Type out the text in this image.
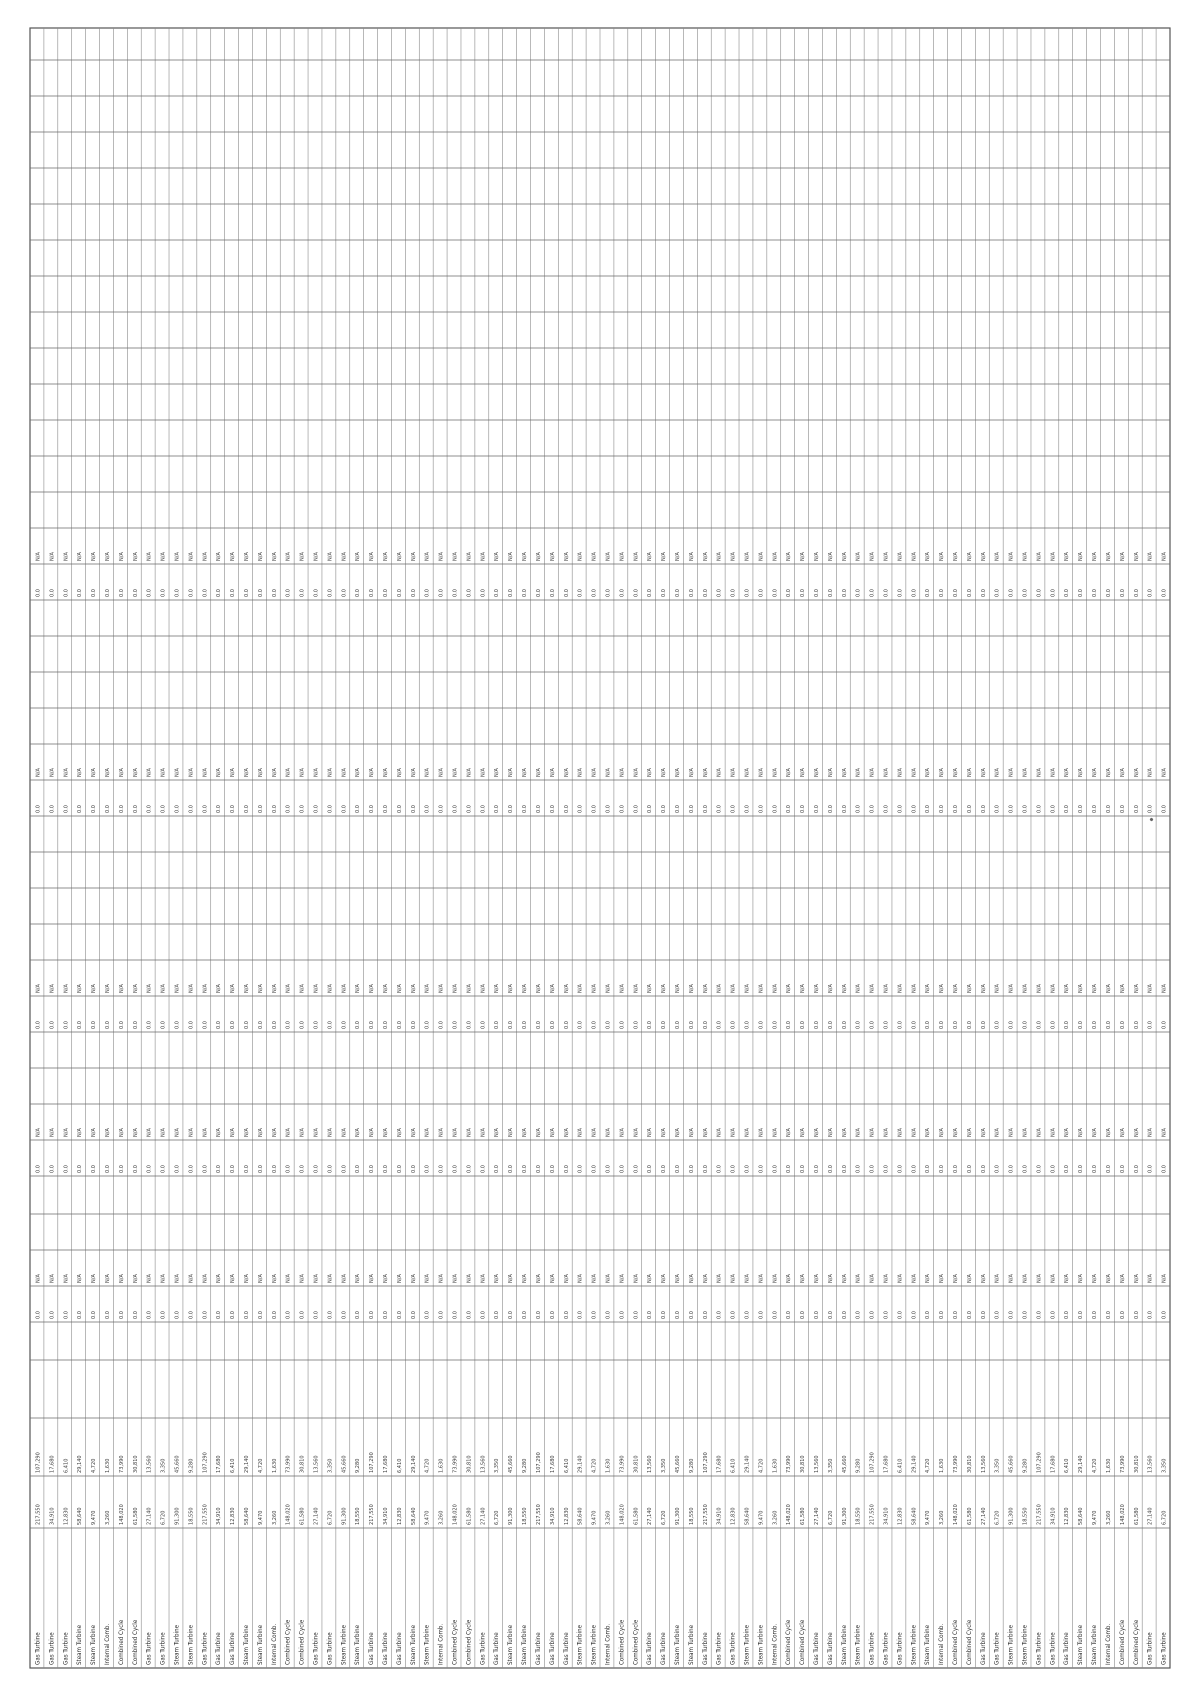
Gas Turbine
217,550
107,290
0.0
N/A
0.0
N/A
0.0
N/A
0.0
N/A
0.0
N/A
Gas Turbine
34,910
17,680
0.0
N/A
0.0
N/A
0.0
N/A
0.0
N/A
0.0
N/A
Gas Turbine
12,830
6,410
0.0
N/A
0.0
N/A
0.0
N/A
0.0
N/A
0.0
N/A
Steam Turbine
58,640
29,140
0.0
N/A
0.0
N/A
0.0
N/A
0.0
N/A
0.0
N/A
Steam Turbine
9,470
4,720
0.0
N/A
0.0
N/A
0.0
N/A
0.0
N/A
0.0
N/A
Internal Comb.
3,260
1,630
0.0
N/A
0.0
N/A
0.0
N/A
0.0
N/A
0.0
N/A
Combined Cycle
148,020
73,990
0.0
N/A
0.0
N/A
0.0
N/A
0.0
N/A
0.0
N/A
Combined Cycle
61,580
30,810
0.0
N/A
0.0
N/A
0.0
N/A
0.0
N/A
0.0
N/A
Gas Turbine
27,140
13,560
0.0
N/A
0.0
N/A
0.0
N/A
0.0
N/A
0.0
N/A
Gas Turbine
6,720
3,350
0.0
N/A
0.0
N/A
0.0
N/A
0.0
N/A
0.0
N/A
Steam Turbine
91,300
45,660
0.0
N/A
0.0
N/A
0.0
N/A
0.0
N/A
0.0
N/A
Steam Turbine
18,550
9,280
0.0
N/A
0.0
N/A
0.0
N/A
0.0
N/A
0.0
N/A
Gas Turbine
217,550
107,290
0.0
N/A
0.0
N/A
0.0
N/A
0.0
N/A
0.0
N/A
Gas Turbine
34,910
17,680
0.0
N/A
0.0
N/A
0.0
N/A
0.0
N/A
0.0
N/A
Gas Turbine
12,830
6,410
0.0
N/A
0.0
N/A
0.0
N/A
0.0
N/A
0.0
N/A
Steam Turbine
58,640
29,140
0.0
N/A
0.0
N/A
0.0
N/A
0.0
N/A
0.0
N/A
Steam Turbine
9,470
4,720
0.0
N/A
0.0
N/A
0.0
N/A
0.0
N/A
0.0
N/A
Internal Comb.
3,260
1,630
0.0
N/A
0.0
N/A
0.0
N/A
0.0
N/A
0.0
N/A
Combined Cycle
148,020
73,990
0.0
N/A
0.0
N/A
0.0
N/A
0.0
N/A
0.0
N/A
Combined Cycle
61,580
30,810
0.0
N/A
0.0
N/A
0.0
N/A
0.0
N/A
0.0
N/A
Gas Turbine
27,140
13,560
0.0
N/A
0.0
N/A
0.0
N/A
0.0
N/A
0.0
N/A
Gas Turbine
6,720
3,350
0.0
N/A
0.0
N/A
0.0
N/A
0.0
N/A
0.0
N/A
Steam Turbine
91,300
45,660
0.0
N/A
0.0
N/A
0.0
N/A
0.0
N/A
0.0
N/A
Steam Turbine
18,550
9,280
0.0
N/A
0.0
N/A
0.0
N/A
0.0
N/A
0.0
N/A
Gas Turbine
217,550
107,290
0.0
N/A
0.0
N/A
0.0
N/A
0.0
N/A
0.0
N/A
Gas Turbine
34,910
17,680
0.0
N/A
0.0
N/A
0.0
N/A
0.0
N/A
0.0
N/A
Gas Turbine
12,830
6,410
0.0
N/A
0.0
N/A
0.0
N/A
0.0
N/A
0.0
N/A
Steam Turbine
58,640
29,140
0.0
N/A
0.0
N/A
0.0
N/A
0.0
N/A
0.0
N/A
Steam Turbine
9,470
4,720
0.0
N/A
0.0
N/A
0.0
N/A
0.0
N/A
0.0
N/A
Internal Comb.
3,260
1,630
0.0
N/A
0.0
N/A
0.0
N/A
0.0
N/A
0.0
N/A
Combined Cycle
148,020
73,990
0.0
N/A
0.0
N/A
0.0
N/A
0.0
N/A
0.0
N/A
Combined Cycle
61,580
30,810
0.0
N/A
0.0
N/A
0.0
N/A
0.0
N/A
0.0
N/A
Gas Turbine
27,140
13,560
0.0
N/A
0.0
N/A
0.0
N/A
0.0
N/A
0.0
N/A
Gas Turbine
6,720
3,350
0.0
N/A
0.0
N/A
0.0
N/A
0.0
N/A
0.0
N/A
Steam Turbine
91,300
45,660
0.0
N/A
0.0
N/A
0.0
N/A
0.0
N/A
0.0
N/A
Steam Turbine
18,550
9,280
0.0
N/A
0.0
N/A
0.0
N/A
0.0
N/A
0.0
N/A
Gas Turbine
217,550
107,290
0.0
N/A
0.0
N/A
0.0
N/A
0.0
N/A
0.0
N/A
Gas Turbine
34,910
17,680
0.0
N/A
0.0
N/A
0.0
N/A
0.0
N/A
0.0
N/A
Gas Turbine
12,830
6,410
0.0
N/A
0.0
N/A
0.0
N/A
0.0
N/A
0.0
N/A
Steam Turbine
58,640
29,140
0.0
N/A
0.0
N/A
0.0
N/A
0.0
N/A
0.0
N/A
Steam Turbine
9,470
4,720
0.0
N/A
0.0
N/A
0.0
N/A
0.0
N/A
0.0
N/A
Internal Comb.
3,260
1,630
0.0
N/A
0.0
N/A
0.0
N/A
0.0
N/A
0.0
N/A
Combined Cycle
148,020
73,990
0.0
N/A
0.0
N/A
0.0
N/A
0.0
N/A
0.0
N/A
Combined Cycle
61,580
30,810
0.0
N/A
0.0
N/A
0.0
N/A
0.0
N/A
0.0
N/A
Gas Turbine
27,140
13,560
0.0
N/A
0.0
N/A
0.0
N/A
0.0
N/A
0.0
N/A
Gas Turbine
6,720
3,350
0.0
N/A
0.0
N/A
0.0
N/A
0.0
N/A
0.0
N/A
Steam Turbine
91,300
45,660
0.0
N/A
0.0
N/A
0.0
N/A
0.0
N/A
0.0
N/A
Steam Turbine
18,550
9,280
0.0
N/A
0.0
N/A
0.0
N/A
0.0
N/A
0.0
N/A
Gas Turbine
217,550
107,290
0.0
N/A
0.0
N/A
0.0
N/A
0.0
N/A
0.0
N/A
Gas Turbine
34,910
17,680
0.0
N/A
0.0
N/A
0.0
N/A
0.0
N/A
0.0
N/A
Gas Turbine
12,830
6,410
0.0
N/A
0.0
N/A
0.0
N/A
0.0
N/A
0.0
N/A
Steam Turbine
58,640
29,140
0.0
N/A
0.0
N/A
0.0
N/A
0.0
N/A
0.0
N/A
Steam Turbine
9,470
4,720
0.0
N/A
0.0
N/A
0.0
N/A
0.0
N/A
0.0
N/A
Internal Comb.
3,260
1,630
0.0
N/A
0.0
N/A
0.0
N/A
0.0
N/A
0.0
N/A
Combined Cycle
148,020
73,990
0.0
N/A
0.0
N/A
0.0
N/A
0.0
N/A
0.0
N/A
Combined Cycle
61,580
30,810
0.0
N/A
0.0
N/A
0.0
N/A
0.0
N/A
0.0
N/A
Gas Turbine
27,140
13,560
0.0
N/A
0.0
N/A
0.0
N/A
0.0
N/A
0.0
N/A
Gas Turbine
6,720
3,350
0.0
N/A
0.0
N/A
0.0
N/A
0.0
N/A
0.0
N/A
Steam Turbine
91,300
45,660
0.0
N/A
0.0
N/A
0.0
N/A
0.0
N/A
0.0
N/A
Steam Turbine
18,550
9,280
0.0
N/A
0.0
N/A
0.0
N/A
0.0
N/A
0.0
N/A
Gas Turbine
217,550
107,290
0.0
N/A
0.0
N/A
0.0
N/A
0.0
N/A
0.0
N/A
Gas Turbine
34,910
17,680
0.0
N/A
0.0
N/A
0.0
N/A
0.0
N/A
0.0
N/A
Gas Turbine
12,830
6,410
0.0
N/A
0.0
N/A
0.0
N/A
0.0
N/A
0.0
N/A
Steam Turbine
58,640
29,140
0.0
N/A
0.0
N/A
0.0
N/A
0.0
N/A
0.0
N/A
Steam Turbine
9,470
4,720
0.0
N/A
0.0
N/A
0.0
N/A
0.0
N/A
0.0
N/A
Internal Comb.
3,260
1,630
0.0
N/A
0.0
N/A
0.0
N/A
0.0
N/A
0.0
N/A
Combined Cycle
148,020
73,990
0.0
N/A
0.0
N/A
0.0
N/A
0.0
N/A
0.0
N/A
Combined Cycle
61,580
30,810
0.0
N/A
0.0
N/A
0.0
N/A
0.0
N/A
0.0
N/A
Gas Turbine
27,140
13,560
0.0
N/A
0.0
N/A
0.0
N/A
0.0
N/A
0.0
N/A
Gas Turbine
6,720
3,350
0.0
N/A
0.0
N/A
0.0
N/A
0.0
N/A
0.0
N/A
Steam Turbine
91,300
45,660
0.0
N/A
0.0
N/A
0.0
N/A
0.0
N/A
0.0
N/A
Steam Turbine
18,550
9,280
0.0
N/A
0.0
N/A
0.0
N/A
0.0
N/A
0.0
N/A
Gas Turbine
217,550
107,290
0.0
N/A
0.0
N/A
0.0
N/A
0.0
N/A
0.0
N/A
Gas Turbine
34,910
17,680
0.0
N/A
0.0
N/A
0.0
N/A
0.0
N/A
0.0
N/A
Gas Turbine
12,830
6,410
0.0
N/A
0.0
N/A
0.0
N/A
0.0
N/A
0.0
N/A
Steam Turbine
58,640
29,140
0.0
N/A
0.0
N/A
0.0
N/A
0.0
N/A
0.0
N/A
Steam Turbine
9,470
4,720
0.0
N/A
0.0
N/A
0.0
N/A
0.0
N/A
0.0
N/A
Internal Comb.
3,260
1,630
0.0
N/A
0.0
N/A
0.0
N/A
0.0
N/A
0.0
N/A
Combined Cycle
148,020
73,990
0.0
N/A
0.0
N/A
0.0
N/A
0.0
N/A
0.0
N/A
Combined Cycle
61,580
30,810
0.0
N/A
0.0
N/A
0.0
N/A
0.0
N/A
0.0
N/A
Gas Turbine
27,140
13,560
0.0
N/A
0.0
N/A
0.0
N/A
0.0
N/A
0.0
N/A
Gas Turbine
6,720
3,350
0.0
N/A
0.0
N/A
0.0
N/A
0.0
N/A
0.0
N/A
